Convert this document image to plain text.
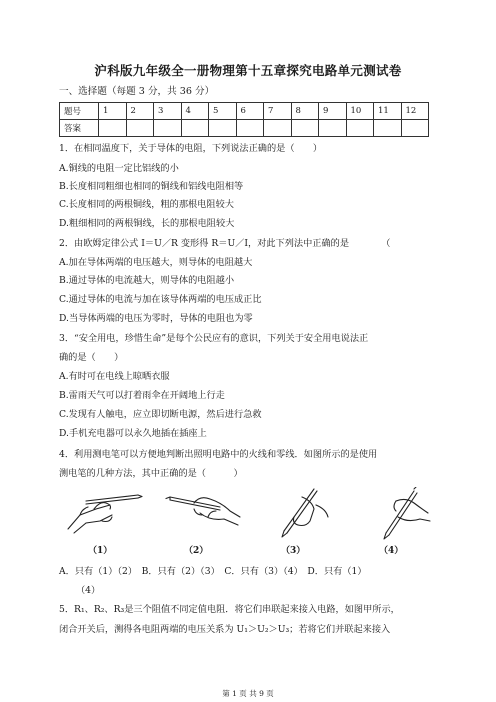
沪科版九年级全一册物理第十五章探究电路单元测试卷
一、选择题（每题 3 分，共 36 分）
题号	1	2	3	4	5	6	7	8	9	10	11	12
答案												
1．在相同温度下，关于导体的电阻，下列说法正确的是（　　）
A.铜线的电阻一定比铝线的小
B.长度相同粗细也相同的铜线和铝线电阻相等
C.长度相同的两根铜线，粗的那根电阻较大
D.粗细相同的两根铜线，长的那根电阻较大
2．由欧姆定律公式 I＝U／R 变形得 R＝U／I，对此下列法中正确的是　　　　（
A.加在导体两端的电压越大，则导体的电阻越大
B.通过导体的电流越大，则导体的电阻越小
C.通过导体的电流与加在该导体两端的电压成正比
D.当导体两端的电压为零时，导体的电阻也为零
3．“安全用电，珍惜生命”是每个公民应有的意识，下列关于安全用电说法正
确的是（　　）
A.有时可在电线上晾晒衣服
B.雷雨天气可以打着雨伞在开阔地上行走
C.发现有人触电，应立即切断电源，然后进行急救
D.手机充电器可以永久地插在插座上
4．利用测电笔可以方便地判断出照明电路中的火线和零线．如图所示的是使用
测电笔的几种方法，其中正确的是（　　　）
（1）	（2）	（3）	（4）
A．只有（1）（2）　B．只有（2）（3）　C．只有（3）（4）　D．只有（1）
（4）
5．R₁、R₂、R₃是三个阻值不同定值电阻．将它们串联起来接入电路，如图甲所示，
闭合开关后，测得各电阻两端的电压关系为 U₁＞U₂＞U₃；若将它们并联起来接入
第 1 页 共 9 页
